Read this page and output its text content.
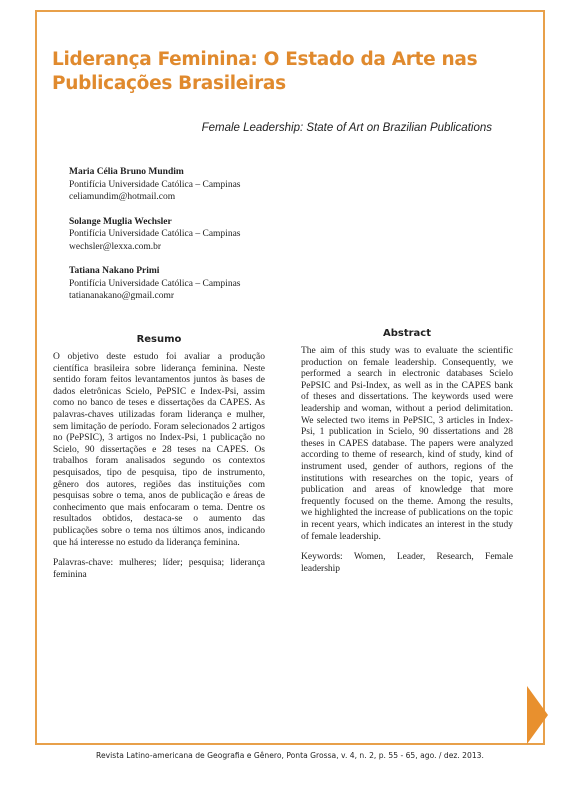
Liderança Feminina: O Estado da Arte nas Publicações Brasileiras
Female Leadership: State of Art on Brazilian Publications
Maria Célia Bruno Mundim
Pontifícia Universidade Católica – Campinas
celiamundim@hotmail.com
Solange Muglia Wechsler
Pontifícia Universidade Católica – Campinas
wechsler@lexxa.com.br
Tatiana Nakano Primi
Pontifícia Universidade Católica – Campinas
tatiananakano@gmail.comr
Resumo

O objetivo deste estudo foi avaliar a produção científica brasileira sobre liderança feminina. Neste sentido foram feitos levantamentos juntos às bases de dados eletrônicas Scielo, PePSIC e Index-Psi, assim como no banco de teses e dissertações da CAPES. As palavras-chaves utilizadas foram liderança e mulher, sem limitação de período. Foram selecionados 2 artigos no (PePSIC), 3 artigos no Index-Psi, 1 publicação no Scielo, 90 dissertações e 28 teses na CAPES. Os trabalhos foram analisados segundo os contextos pesquisados, tipo de pesquisa, tipo de instrumento, gênero dos autores, regiões das instituições com pesquisas sobre o tema, anos de publicação e áreas de conhecimento que mais enfocaram o tema. Dentre os resultados obtidos, destaca-se o aumento das publicações sobre o tema nos últimos anos, indicando que há interesse no estudo da liderança feminina.

Palavras-chave: mulheres; líder; pesquisa; liderança feminina

Abstract

The aim of this study was to evaluate the scientific production on female leadership. Consequently, we performed a search in electronic databases Scielo PePSIC and Psi-Index, as well as in the CAPES bank of theses and dissertations. The keywords used were leadership and woman, without a period delimitation. We selected two items in PePSIC, 3 articles in Index-Psi, 1 publication in Scielo, 90 dissertations and 28 theses in CAPES database. The papers were analyzed according to theme of research, kind of study, kind of instrument used, gender of authors, regions of the institutions with researches on the topic, years of publication and areas of knowledge that more frequently focused on the theme. Among the results, we highlighted the increase of publications on the topic in recent years, which indicates an interest in the study of female leadership.

Keywords: Women, Leader, Research, Female leadership

Revista Latino-americana de Geografia e Gênero, Ponta Grossa, v. 4, n. 2, p. 55 - 65, ago. / dez. 2013.
